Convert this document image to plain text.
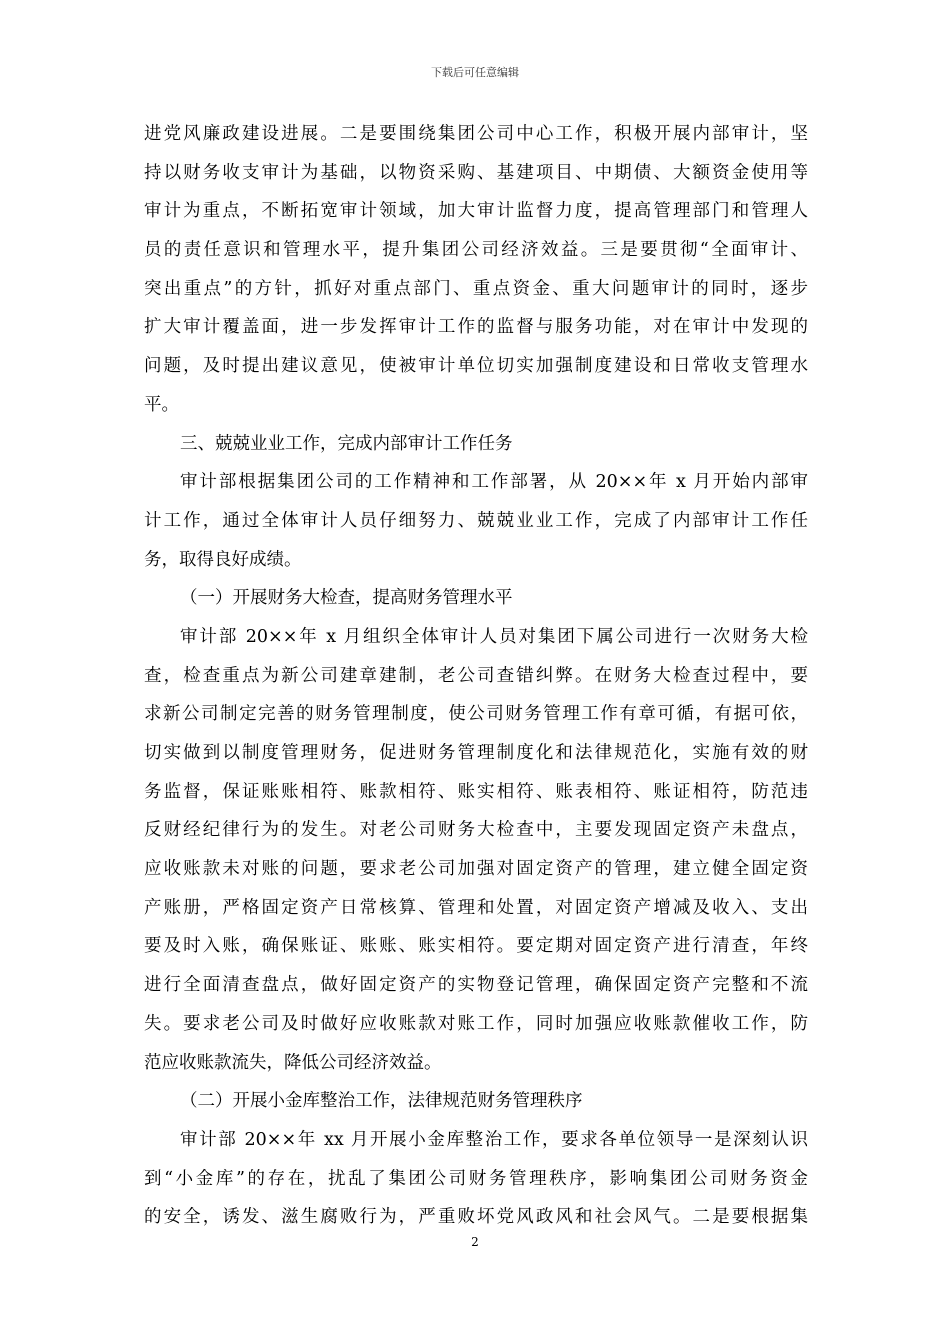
下载后可任意编辑
进党风廉政建设进展。二是要围绕集团公司中心工作，积极开展内部审计，坚
持以财务收支审计为基础，以物资采购、基建项目、中期债、大额资金使用等
审计为重点，不断拓宽审计领域，加大审计监督力度，提高管理部门和管理人
员的责任意识和管理水平，提升集团公司经济效益。三是要贯彻“全面审计、
突出重点”的方针，抓好对重点部门、重点资金、重大问题审计的同时，逐步
扩大审计覆盖面，进一步发挥审计工作的监督与服务功能，对在审计中发现的
问题，及时提出建议意见，使被审计单位切实加强制度建设和日常收支管理水
平。
三、兢兢业业工作，完成内部审计工作任务
审计部根据集团公司的工作精神和工作部署，从 20××年 x 月开始内部审
计工作，通过全体审计人员仔细努力、兢兢业业工作，完成了内部审计工作任
务，取得良好成绩。
（一）开展财务大检查，提高财务管理水平
审计部 20××年 x 月组织全体审计人员对集团下属公司进行一次财务大检
查，检查重点为新公司建章建制，老公司查错纠弊。在财务大检查过程中，要
求新公司制定完善的财务管理制度，使公司财务管理工作有章可循，有据可依，
切实做到以制度管理财务，促进财务管理制度化和法律规范化，实施有效的财
务监督，保证账账相符、账款相符、账实相符、账表相符、账证相符，防范违
反财经纪律行为的发生。对老公司财务大检查中，主要发现固定资产未盘点，
应收账款未对账的问题，要求老公司加强对固定资产的管理，建立健全固定资
产账册，严格固定资产日常核算、管理和处置，对固定资产增减及收入、支出
要及时入账，确保账证、账账、账实相符。要定期对固定资产进行清查，年终
进行全面清查盘点，做好固定资产的实物登记管理，确保固定资产完整和不流
失。要求老公司及时做好应收账款对账工作，同时加强应收账款催收工作，防
范应收账款流失，降低公司经济效益。
（二）开展小金库整治工作，法律规范财务管理秩序
审计部 20××年 xx 月开展小金库整治工作，要求各单位领导一是深刻认识
到“小金库”的存在，扰乱了集团公司财务管理秩序，影响集团公司财务资金
的安全，诱发、滋生腐败行为，严重败坏党风政风和社会风气。二是要根据集
2
